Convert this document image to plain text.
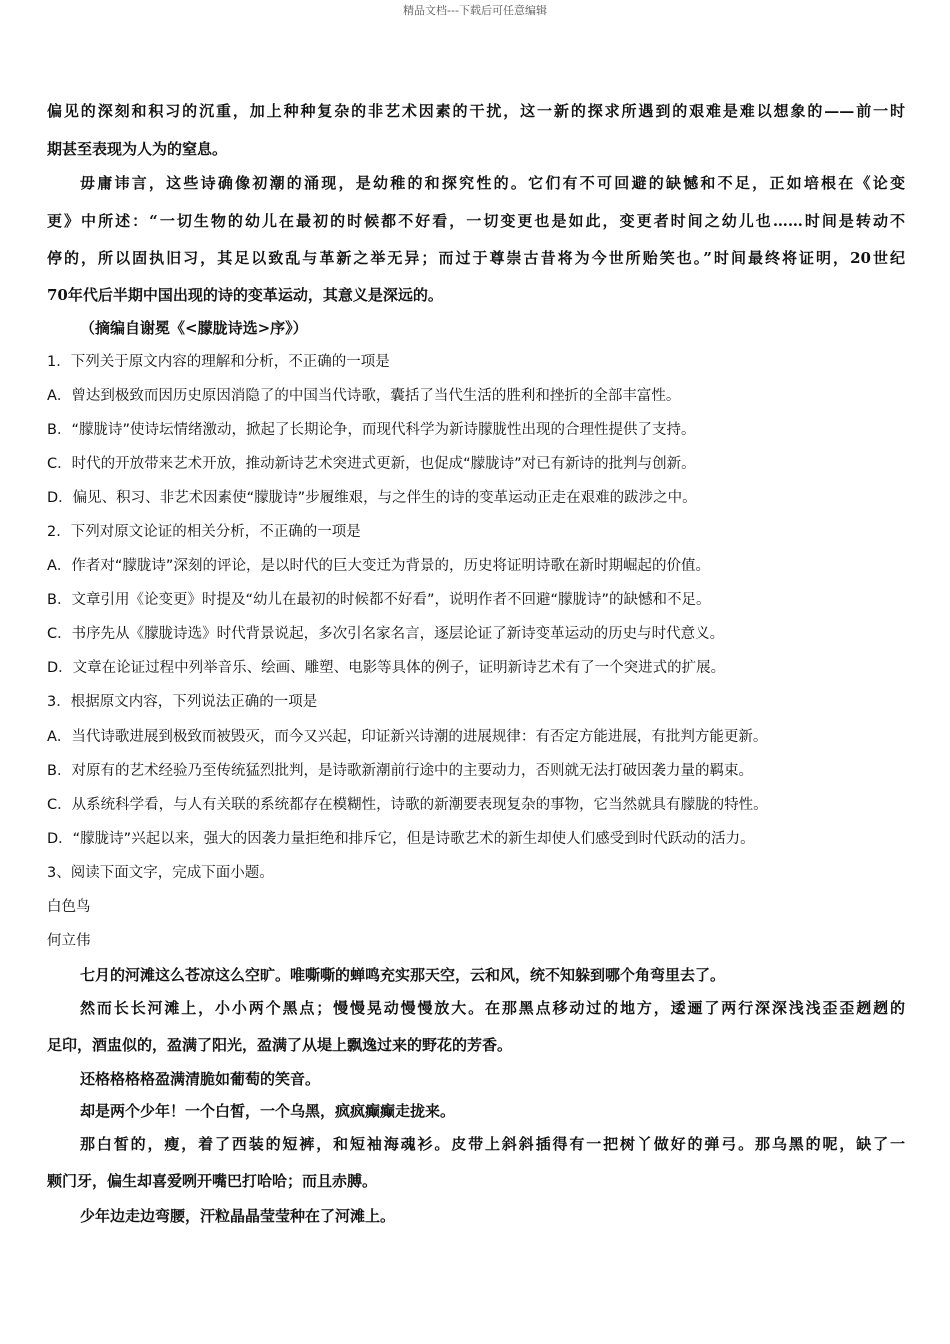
精品文档---下载后可任意编辑
偏见的深刻和积习的沉重，加上种种复杂的非艺术因素的干扰，这一新的探求所遇到的艰难是难以想象的——前一时
期甚至表现为人为的窒息。
毋庸讳言，这些诗确像初潮的涌现，是幼稚的和探究性的。它们有不可回避的缺憾和不足，正如培根在《论变
更》中所述：“一切生物的幼儿在最初的时候都不好看，一切变更也是如此，变更者时间之幼儿也……时间是转动不
停的，所以固执旧习，其足以致乱与革新之举无异；而过于尊崇古昔将为今世所贻笑也。”时间最终将证明，20世纪
70年代后半期中国出现的诗的变革运动，其意义是深远的。
（摘编自谢冕《<朦胧诗选>序》）
1．下列关于原文内容的理解和分析，不正确的一项是
A．曾达到极致而因历史原因消隐了的中国当代诗歌，囊括了当代生活的胜利和挫折的全部丰富性。
B．“朦胧诗”使诗坛情绪激动，掀起了长期论争，而现代科学为新诗朦胧性出现的合理性提供了支持。
C．时代的开放带来艺术开放，推动新诗艺术突进式更新，也促成“朦胧诗”对已有新诗的批判与创新。
D．偏见、积习、非艺术因素使“朦胧诗”步履维艰，与之伴生的诗的变革运动正走在艰难的跋涉之中。
2．下列对原文论证的相关分析，不正确的一项是
A．作者对“朦胧诗”深刻的评论，是以时代的巨大变迁为背景的，历史将证明诗歌在新时期崛起的价值。
B．文章引用《论变更》时提及“幼儿在最初的时候都不好看”，说明作者不回避“朦胧诗”的缺憾和不足。
C．书序先从《朦胧诗选》时代背景说起，多次引名家名言，逐层论证了新诗变革运动的历史与时代意义。
D．文章在论证过程中列举音乐、绘画、雕塑、电影等具体的例子，证明新诗艺术有了一个突进式的扩展。
3．根据原文内容，下列说法正确的一项是
A．当代诗歌进展到极致而被毁灭，而今又兴起，印证新兴诗潮的进展规律：有否定方能进展，有批判方能更新。
B．对原有的艺术经验乃至传统猛烈批判，是诗歌新潮前行途中的主要动力，否则就无法打破因袭力量的羁束。
C．从系统科学看，与人有关联的系统都存在模糊性，诗歌的新潮要表现复杂的事物，它当然就具有朦胧的特性。
D．“朦胧诗”兴起以来，强大的因袭力量拒绝和排斥它，但是诗歌艺术的新生却使人们感受到时代跃动的活力。
3、阅读下面文字，完成下面小题。
白色鸟
何立伟
七月的河滩这么苍凉这么空旷。唯嘶嘶的蝉鸣充实那天空，云和风，统不知躲到哪个角弯里去了。
然而长长河滩上，小小两个黑点；慢慢晃动慢慢放大。在那黑点移动过的地方，逶逦了两行深深浅浅歪歪趔趔的
足印，酒盅似的，盈满了阳光，盈满了从堤上飘逸过来的野花的芳香。
还格格格格盈满清脆如葡萄的笑音。
却是两个少年！一个白皙，一个乌黑，疯疯癫癫走拢来。
那白皙的，瘦，着了西装的短裤，和短袖海魂衫。皮带上斜斜插得有一把树丫做好的弹弓。那乌黑的呢，缺了一
颗门牙，偏生却喜爱咧开嘴巴打哈哈；而且赤膊。
少年边走边弯腰，汗粒晶晶莹莹种在了河滩上。
